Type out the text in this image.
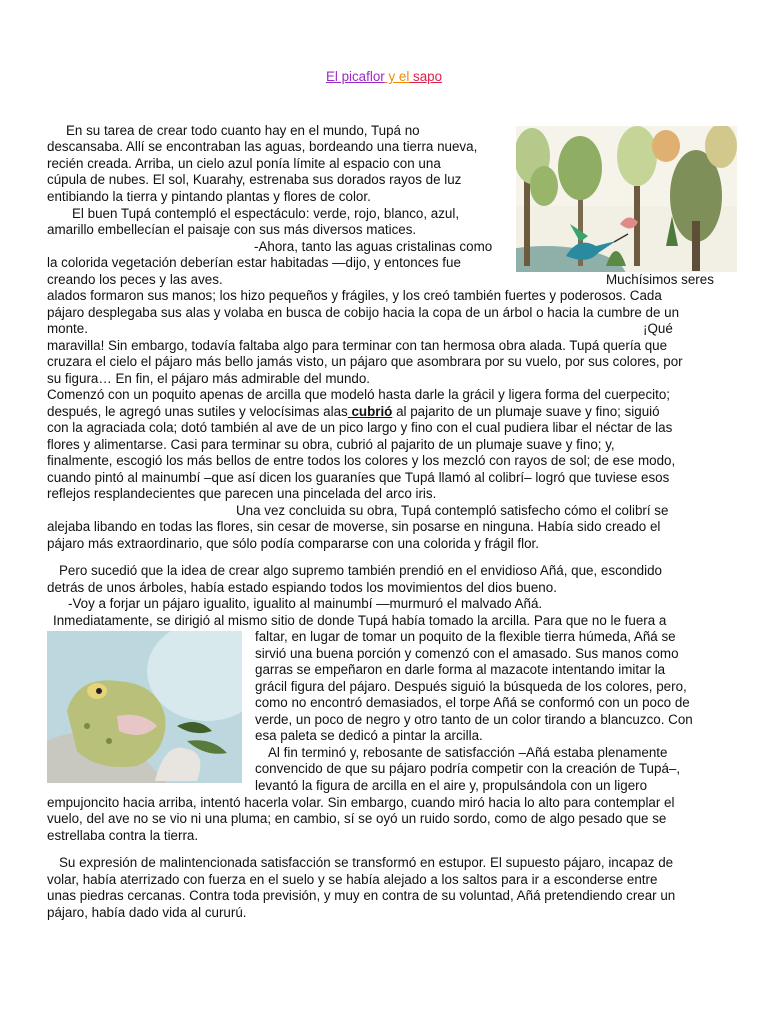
El picaflor y el sapo
En su tarea de crear todo cuanto hay en el mundo, Tupá no
descansaba. Allí se encontraban las aguas, bordeando una tierra nueva,
recién creada. Arriba, un cielo azul ponía límite al espacio con una
cúpula de nubes. El sol, Kuarahy, estrenaba sus dorados rayos de luz
entibiando la tierra y pintando plantas y flores de color.
El buen Tupá contempló el espectáculo: verde, rojo, blanco, azul,
amarillo embellecían el paisaje con sus más diversos matices.
-Ahora, tanto las aguas cristalinas como
la colorida vegetación deberían estar habitadas —dijo, y entonces fue
creando los peces y las aves.	Muchísimos seres
alados formaron sus manos; los hizo pequeños y frágiles, y los creó también fuertes y poderosos. Cada
pájaro desplegaba sus alas y volaba en busca de cobijo hacia la copa de un árbol o hacia la cumbre de un
monte.	¡Qué
maravilla! Sin embargo, todavía faltaba algo para terminar con tan hermosa obra alada. Tupá quería que
cruzara el cielo el pájaro más bello jamás visto, un pájaro que asombrara por su vuelo, por sus colores, por
su figura… En fin, el pájaro más admirable del mundo.
Comenzó con un poquito apenas de arcilla que modeló hasta darle la grácil y ligera forma del cuerpecito;
después, le agregó unas sutiles y velocísimas alas cubrió al pajarito de un plumaje suave y fino; siguió
con la agraciada cola; dotó también al ave de un pico largo y fino con el cual pudiera libar el néctar de las
flores y alimentarse. Casi para terminar su obra, cubrió al pajarito de un plumaje suave y fino; y,
finalmente, escogió los más bellos de entre todos los colores y los mezcló con rayos de sol; de ese modo,
cuando pintó al mainumbí –que así dicen los guaraníes que Tupá llamó al colibrí– logró que tuviese esos
reflejos resplandecientes que parecen una pincelada del arco iris.
Una vez concluida su obra, Tupá contempló satisfecho cómo el colibrí se
alejaba libando en todas las flores, sin cesar de moverse, sin posarse en ninguna. Había sido creado el
pájaro más extraordinario, que sólo podía compararse con una colorida y frágil flor.
Pero sucedió que la idea de crear algo supremo también prendió en el envidioso Añá, que, escondido
detrás de unos árboles, había estado espiando todos los movimientos del dios bueno.
-Voy a forjar un pájaro igualito, igualito al mainumbí —murmuró el malvado Añá.
Inmediatamente, se dirigió al mismo sitio de donde Tupá había tomado la arcilla. Para que no le fuera a
faltar, en lugar de tomar un poquito de la flexible tierra húmeda, Añá se
sirvió una buena porción y comenzó con el amasado. Sus manos como
garras se empeñaron en darle forma al mazacote intentando imitar la
grácil figura del pájaro. Después siguió la búsqueda de los colores, pero,
como no encontró demasiados, el torpe Añá se conformó con un poco de
verde, un poco de negro y otro tanto de un color tirando a blancuzco. Con
esa paleta se dedicó a pintar la arcilla.
Al fin terminó y, rebosante de satisfacción –Añá estaba plenamente
convencido de que su pájaro podría competir con la creación de Tupá–,
levantó la figura de arcilla en el aire y, propulsándola con un ligero
empujoncito hacia arriba, intentó hacerla volar. Sin embargo, cuando miró hacia lo alto para contemplar el
vuelo, del ave no se vio ni una pluma; en cambio, sí se oyó un ruido sordo, como de algo pesado que se
estrellaba contra la tierra.
Su expresión de malintencionada satisfacción se transformó en estupor. El supuesto pájaro, incapaz de
volar, había aterrizado con fuerza en el suelo y se había alejado a los saltos para ir a esconderse entre
unas piedras cercanas. Contra toda previsión, y muy en contra de su voluntad, Añá pretendiendo crear un
pájaro, había dado vida al cururú.
